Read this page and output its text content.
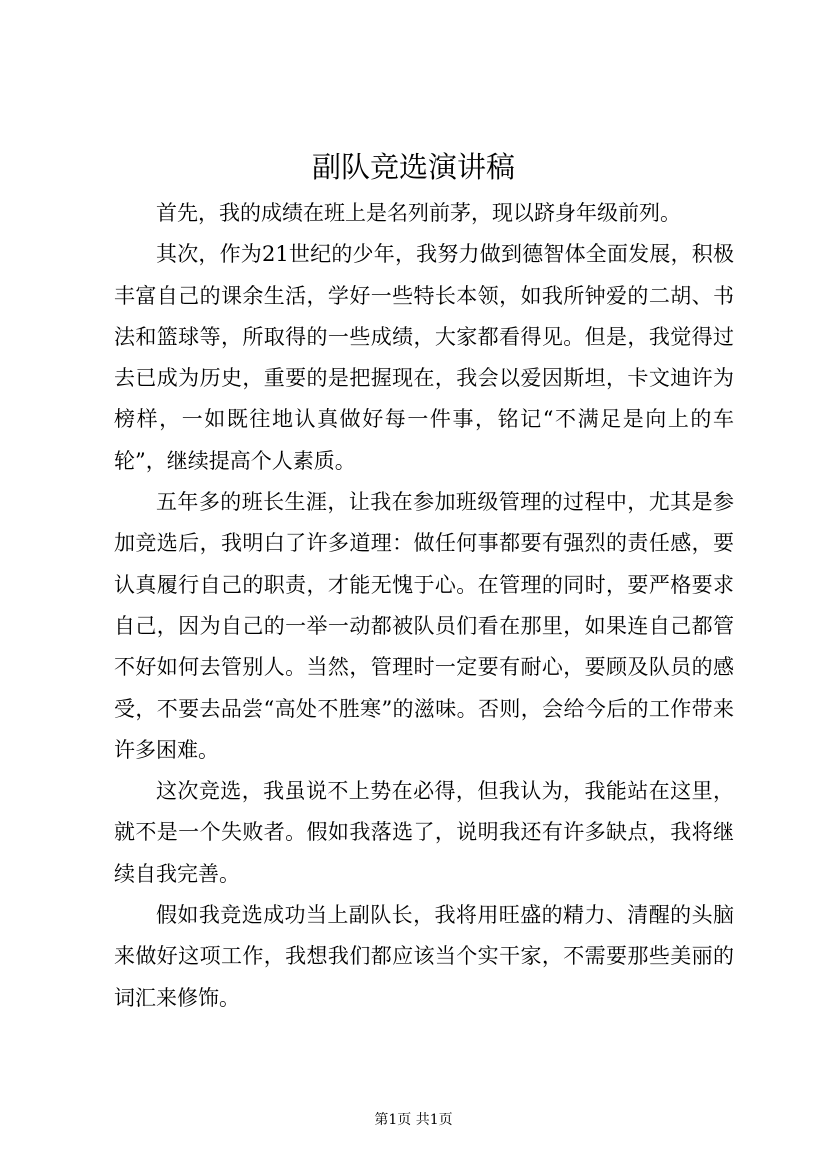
副队竞选演讲稿

首先，我的成绩在班上是名列前茅，现以跻身年级前列。

其次，作为21世纪的少年，我努力做到德智体全面发展，积极丰富自己的课余生活，学好一些特长本领，如我所钟爱的二胡、书法和篮球等，所取得的一些成绩，大家都看得见。但是，我觉得过去已成为历史，重要的是把握现在，我会以爱因斯坦，卡文迪许为榜样，一如既往地认真做好每一件事，铭记“不满足是向上的车轮”，继续提高个人素质。

五年多的班长生涯，让我在参加班级管理的过程中，尤其是参加竞选后，我明白了许多道理：做任何事都要有强烈的责任感，要认真履行自己的职责，才能无愧于心。在管理的同时，要严格要求自己，因为自己的一举一动都被队员们看在那里，如果连自己都管不好如何去管别人。当然，管理时一定要有耐心，要顾及队员的感受，不要去品尝“高处不胜寒”的滋味。否则，会给今后的工作带来许多困难。

这次竞选，我虽说不上势在必得，但我认为，我能站在这里，就不是一个失败者。假如我落选了，说明我还有许多缺点，我将继续自我完善。

假如我竞选成功当上副队长，我将用旺盛的精力、清醒的头脑来做好这项工作，我想我们都应该当个实干家，不需要那些美丽的词汇来修饰。

第1页 共1页
